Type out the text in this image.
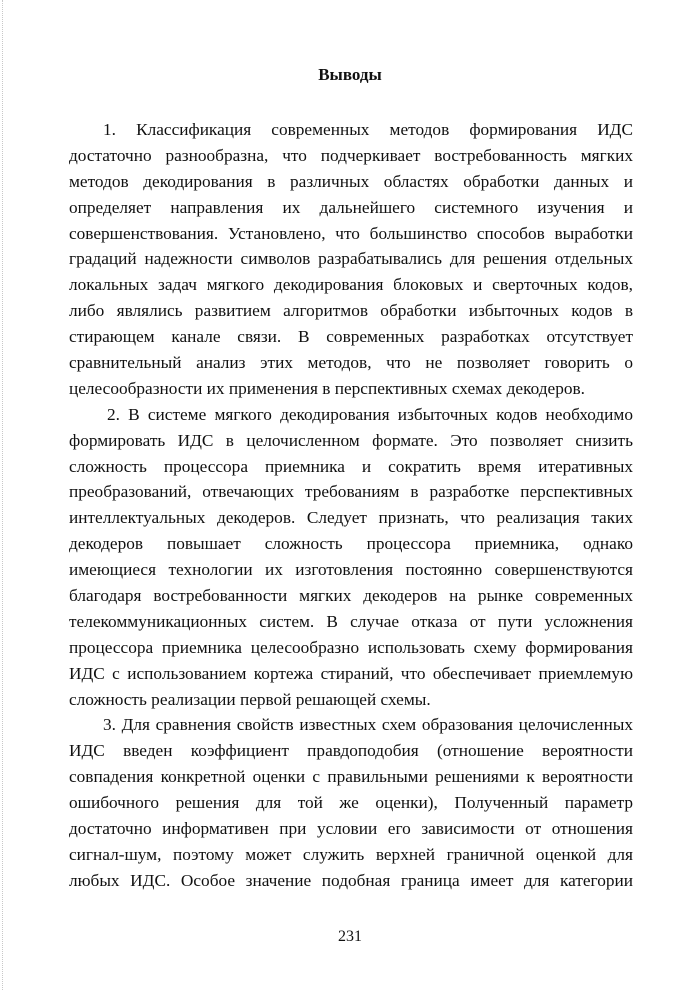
Выводы
1. Классификация современных методов формирования ИДС
достаточно разнообразна, что подчеркивает востребованность мягких
методов декодирования в различных областях обработки данных и
определяет направления их дальнейшего системного изучения и
совершенствования. Установлено, что большинство способов выработки
градаций надежности символов разрабатывались для решения отдельных
локальных задач мягкого декодирования блоковых и сверточных кодов,
либо являлись развитием алгоритмов обработки избыточных кодов в
стирающем канале связи. В современных разработках отсутствует
сравнительный анализ этих методов, что не позволяет говорить о
целесообразности их применения в перспективных схемах декодеров.
2. В системе мягкого декодирования избыточных кодов необходимо
формировать ИДС в целочисленном формате. Это позволяет снизить
сложность процессора приемника и сократить время итеративных
преобразований, отвечающих требованиям в разработке перспективных
интеллектуальных декодеров. Следует признать, что реализация таких
декодеров повышает сложность процессора приемника, однако
имеющиеся технологии их изготовления постоянно совершенствуются
благодаря востребованности мягких декодеров на рынке современных
телекоммуникационных систем. В случае отказа от пути усложнения
процессора приемника целесообразно использовать схему формирования
ИДС с использованием кортежа стираний, что обеспечивает приемлемую
сложность реализации первой решающей схемы.
3. Для сравнения свойств известных схем образования целочисленных
ИДС введен коэффициент правдоподобия (отношение вероятности
совпадения конкретной оценки с правильными решениями к вероятности
ошибочного решения для той же оценки), Полученный параметр
достаточно информативен при условии его зависимости от отношения
сигнал-шум, поэтому может служить верхней граничной оценкой для
любых ИДС. Особое значение подобная граница имеет для категории
231
